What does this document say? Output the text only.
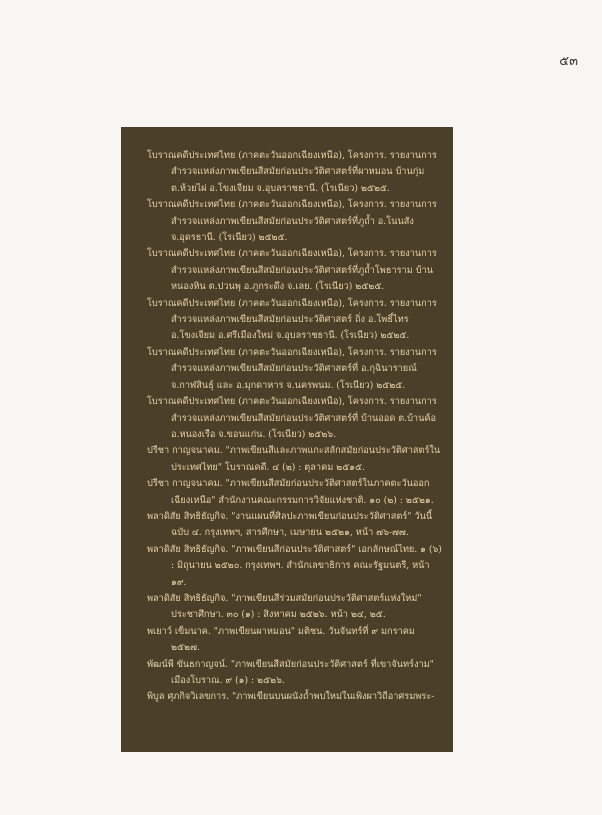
๕๓
โบราณคดีประเทศไทย (ภาคตะวันออกเฉียงเหนือ), โครงการ. รายงานการสำรวจแหล่งภาพเขียนสีสมัยก่อนประวัติศาสตร์ที่ผาหมอน บ้านกุ่ม ต.ห้วยไผ่ อ.โขงเจียม จ.อุบลราชธานี. (โรเนียว) ๒๕๒๕.
โบราณคดีประเทศไทย (ภาคตะวันออกเฉียงเหนือ), โครงการ. รายงานการสำรวจแหล่งภาพเขียนสีสมัยก่อนประวัติศาสตร์ที่ภูถ้ำ อ.โนนสัง จ.อุดรธานี. (โรเนียว) ๒๕๒๕.
โบราณคดีประเทศไทย (ภาคตะวันออกเฉียงเหนือ), โครงการ. รายงานการสำรวจแหล่งภาพเขียนสีสมัยก่อนประวัติศาสตร์ที่ภูถ้ำโพธาราม บ้านหนองหิน ต.ปวนพุ อ.ภูกระดึง จ.เลย. (โรเนียว) ๒๕๒๕.
โบราณคดีประเทศไทย (ภาคตะวันออกเฉียงเหนือ), โครงการ. รายงานการสำรวจแหล่งภาพเขียนสีสมัยก่อนประวัติศาสตร์ ถิ่ง อ.โพธิ์ไทร อ.โขงเจียม อ.ศรีเมืองใหม่ จ.อุบลราชธานี. (โรเนียว) ๒๕๒๕.
โบราณคดีประเทศไทย (ภาคตะวันออกเฉียงเหนือ), โครงการ. รายงานการสำรวจแหล่งภาพเขียนสีสมัยก่อนประวัติศาสตร์ที่ อ.กุฉินารายณ์ จ.กาฬสินธุ์ และ อ.มุกดาหาร จ.นครพนม. (โรเนียว) ๒๕๒๕.
โบราณคดีประเทศไทย (ภาคตะวันออกเฉียงเหนือ), โครงการ. รายงานการสำรวจแหล่งภาพเขียนสีสมัยก่อนประวัติศาสตร์ที่ บ้านออด ต.บ้านค้อ อ.หนองเรือ จ.ขอนแก่น. (โรเนียว) ๒๕๒๖.
ปรีชา กาญจนาคม. "ภาพเขียนสีและภาพแกะสลักสมัยก่อนประวัติศาสตร์ในประเทศไทย" โบราณคดี. ๔ (๒) : ตุลาคม ๒๕๑๕.
ปรีชา กาญจนาคม. "ภาพเขียนสีสมัยก่อนประวัติศาสตร์ในภาคตะวันออกเฉียงเหนือ" สำนักงานคณะกรรมการวิจัยแห่งชาติ. ๑๐ (๒) : ๒๕๒๑.
พลาดิสัย สิทธิธัญกิจ. "งานแผนที่ศิลปะภาพเขียนก่อนประวัติศาสตร์" วันนี้ ฉบับ ๔. กรุงเทพฯ, สารศึกษา, เมษายน ๒๕๒๑, หน้า ๗๖-๗๗.
พลาดิสัย สิทธิธัญกิจ. "ภาพเขียนสีก่อนประวัติศาสตร์" เอกลักษณ์ไทย. ๑ (๖) : มิถุนายน ๒๕๒๐. กรุงเทพฯ. สำนักเลขาธิการ คณะรัฐมนตรี, หน้า ๑๙.
พลาดิสัย สิทธิธัญกิจ. "ภาพเขียนสีร่วมสมัยก่อนประวัติศาสตร์แห่งใหม่" ประชาศึกษา. ๓๐ (๑) : สิงหาคม ๒๕๒๖. หน้า ๒๔, ๒๕.
พเยาว์ เข็มนาค. "ภาพเขียนผาหมอน" มติชน. วันจันทร์ที่ ๙ มกราคม ๒๕๒๗.
พัฒน์พี ขันธกาญจน์. "ภาพเขียนสีสมัยก่อนประวัติศาสตร์ ที่เขาจันทร์งาม" เมืองโบราณ. ๙ (๑) : ๒๕๒๖.
พิบูล ศุภกิจวิเลขการ. "ภาพเขียนบนผนังถ้ำพบใหม่ในเพิงผาวิถีอาศรมพระ-
